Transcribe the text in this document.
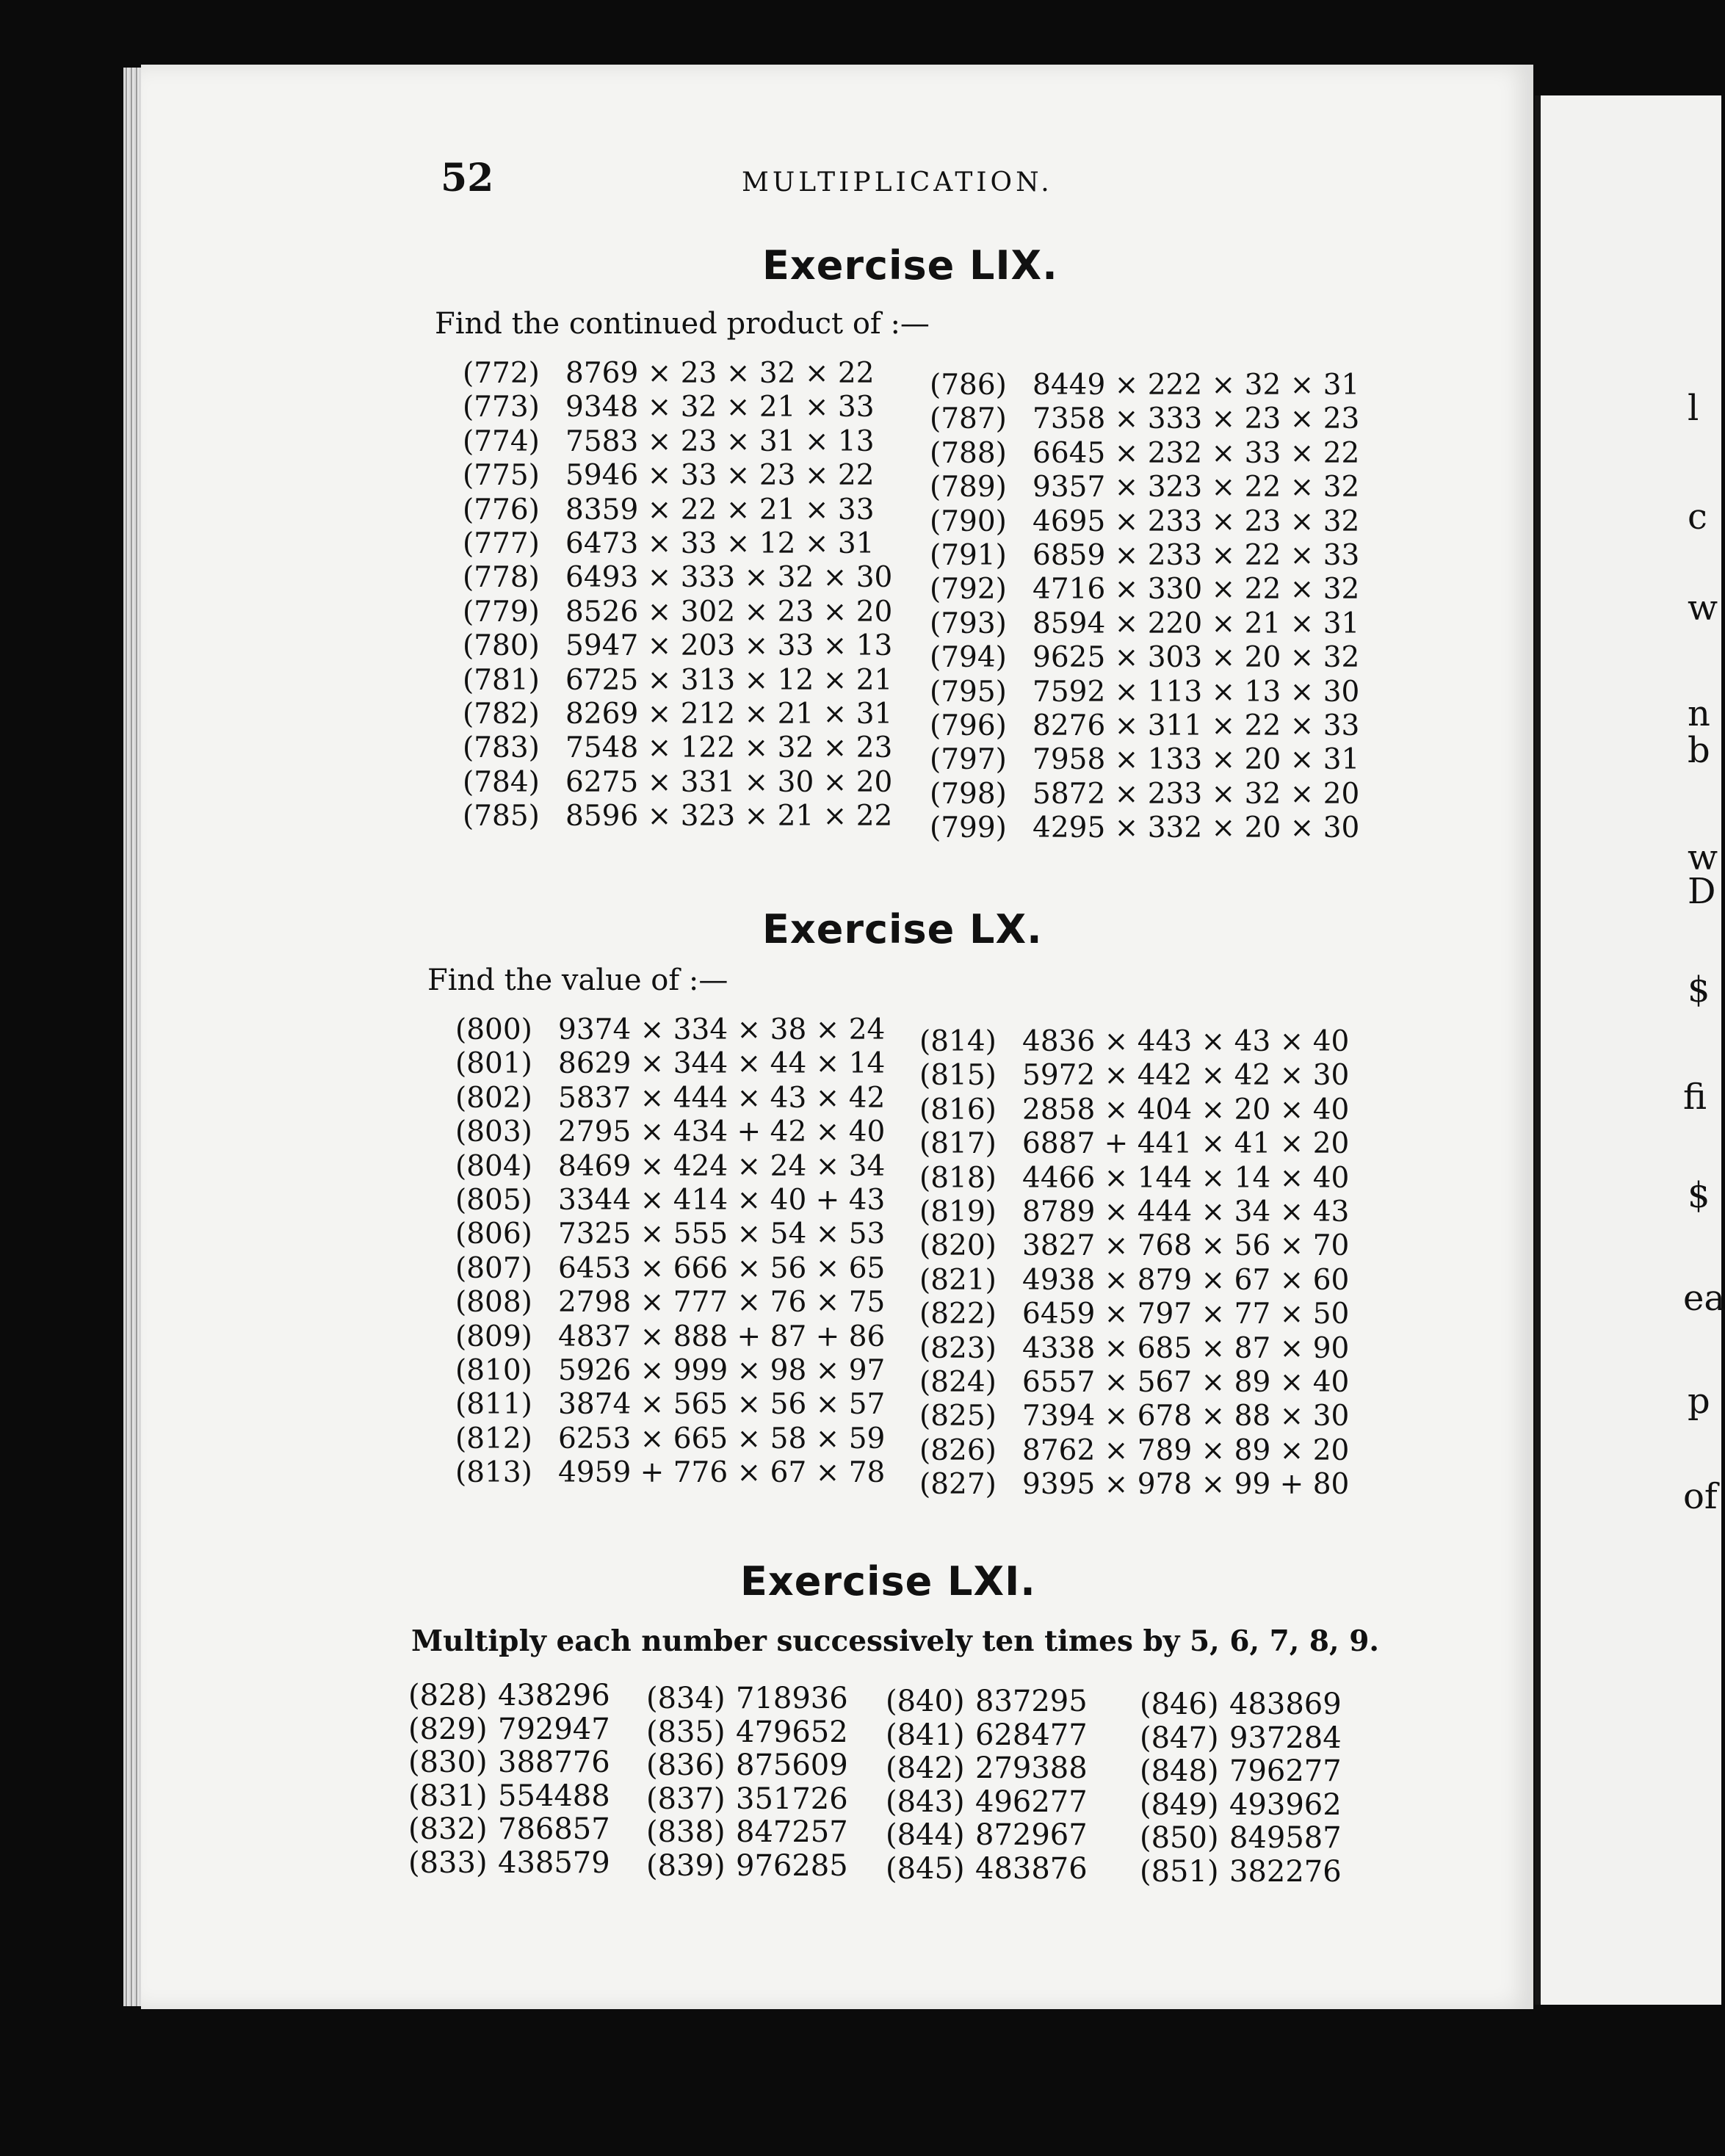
52	MULTIPLICATION.
Exercise LIX.
Find the continued product of :—
(772) 8769 × 23 × 32 × 22
(773) 9348 × 32 × 21 × 33
(774) 7583 × 23 × 31 × 13
(775) 5946 × 33 × 23 × 22
(776) 8359 × 22 × 21 × 33
(777) 6473 × 33 × 12 × 31
(778) 6493 × 333 × 32 × 30
(779) 8526 × 302 × 23 × 20
(780) 5947 × 203 × 33 × 13
(781) 6725 × 313 × 12 × 21
(782) 8269 × 212 × 21 × 31
(783) 7548 × 122 × 32 × 23
(784) 6275 × 331 × 30 × 20
(785) 8596 × 323 × 21 × 22
(786) 8449 × 222 × 32 × 31
(787) 7358 × 333 × 23 × 23
(788) 6645 × 232 × 33 × 22
(789) 9357 × 323 × 22 × 32
(790) 4695 × 233 × 23 × 32
(791) 6859 × 233 × 22 × 33
(792) 4716 × 330 × 22 × 32
(793) 8594 × 220 × 21 × 31
(794) 9625 × 303 × 20 × 32
(795) 7592 × 113 × 13 × 30
(796) 8276 × 311 × 22 × 33
(797) 7958 × 133 × 20 × 31
(798) 5872 × 233 × 32 × 20
(799) 4295 × 332 × 20 × 30
Exercise LX.
Find the value of :—
(800) 9374 × 334 × 38 × 24
(801) 8629 × 344 × 44 × 14
(802) 5837 × 444 × 43 × 42
(803) 2795 × 434 + 42 × 40
(804) 8469 × 424 × 24 × 34
(805) 3344 × 414 × 40 + 43
(806) 7325 × 555 × 54 × 53
(807) 6453 × 666 × 56 × 65
(808) 2798 × 777 × 76 × 75
(809) 4837 × 888 + 87 + 86
(810) 5926 × 999 × 98 × 97
(811) 3874 × 565 × 56 × 57
(812) 6253 × 665 × 58 × 59
(813) 4959 + 776 × 67 × 78
(814) 4836 × 443 × 43 × 40
(815) 5972 × 442 × 42 × 30
(816) 2858 × 404 × 20 × 40
(817) 6887 + 441 × 41 × 20
(818) 4466 × 144 × 14 × 40
(819) 8789 × 444 × 34 × 43
(820) 3827 × 768 × 56 × 70
(821) 4938 × 879 × 67 × 60
(822) 6459 × 797 × 77 × 50
(823) 4338 × 685 × 87 × 90
(824) 6557 × 567 × 89 × 40
(825) 7394 × 678 × 88 × 30
(826) 8762 × 789 × 89 × 20
(827) 9395 × 978 × 99 + 80
Exercise LXI.
Multiply each number successively ten times by 5, 6, 7, 8, 9.
(828) 438296
(829) 792947
(830) 388776
(831) 554488
(832) 786857
(833) 438579
(834) 718936
(835) 479652
(836) 875609
(837) 351726
(838) 847257
(839) 976285
(840) 837295
(841) 628477
(842) 279388
(843) 496277
(844) 872967
(845) 483876
(846) 483869
(847) 937284
(848) 796277
(849) 493962
(850) 849587
(851) 382276
l
c
w
n
b
w
D
$
fi
$
ea
p
of
